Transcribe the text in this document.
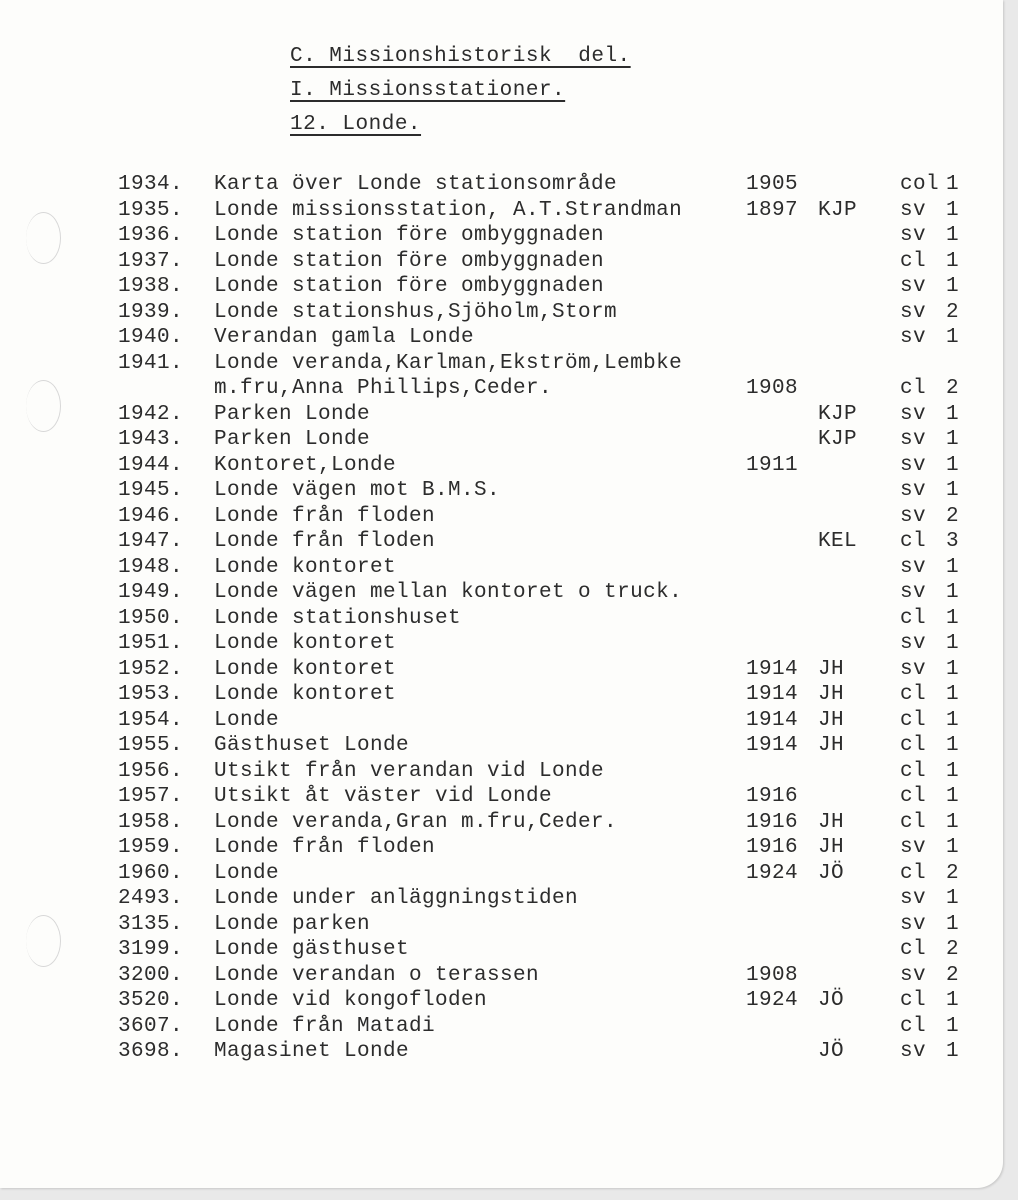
C. Missionshistorisk  del.
I. Missionsstationer.
12. Londe.
1934. Karta över Londe stationsområde	1905	col 1
1935. Londe missionsstation, A.T.Strandman	1897 KJP sv 1
1936. Londe station före ombyggnaden	sv 1
1937. Londe station före ombyggnaden	cl 1
1938. Londe station före ombyggnaden	sv 1
1939. Londe stationshus,Sjöholm,Storm	sv 2
1940. Verandan gamla Londe	sv 1
1941. Londe veranda,Karlman,Ekström,Lembke
m.fru,Anna Phillips,Ceder.	1908	cl 2
1942. Parken Londe	KJP sv 1
1943. Parken Londe	KJP sv 1
1944. Kontoret,Londe	1911	sv 1
1945. Londe vägen mot B.M.S.	sv 1
1946. Londe från floden	sv 2
1947. Londe från floden	KEL cl 3
1948. Londe kontoret	sv 1
1949. Londe vägen mellan kontoret o truck.	sv 1
1950. Londe stationshuset	cl 1
1951. Londe kontoret	sv 1
1952. Londe kontoret	1914 JH	sv 1
1953. Londe kontoret	1914 JH	cl 1
1954. Londe	1914 JH	cl 1
1955. Gästhuset Londe	1914 JH	cl 1
1956. Utsikt från verandan vid Londe	cl 1
1957. Utsikt åt väster vid Londe	1916	cl 1
1958. Londe veranda,Gran m.fru,Ceder.	1916 JH	cl 1
1959. Londe från floden	1916 JH	sv 1
1960. Londe	1924 JÖ	cl 2
2493. Londe under anläggningstiden	sv 1
3135. Londe parken	sv 1
3199. Londe gästhuset	cl 2
3200. Londe verandan o terassen	1908	sv 2
3520. Londe vid kongofloden	1924 JÖ	cl 1
3607. Londe från Matadi	cl 1
3698. Magasinet Londe	JÖ	sv 1
